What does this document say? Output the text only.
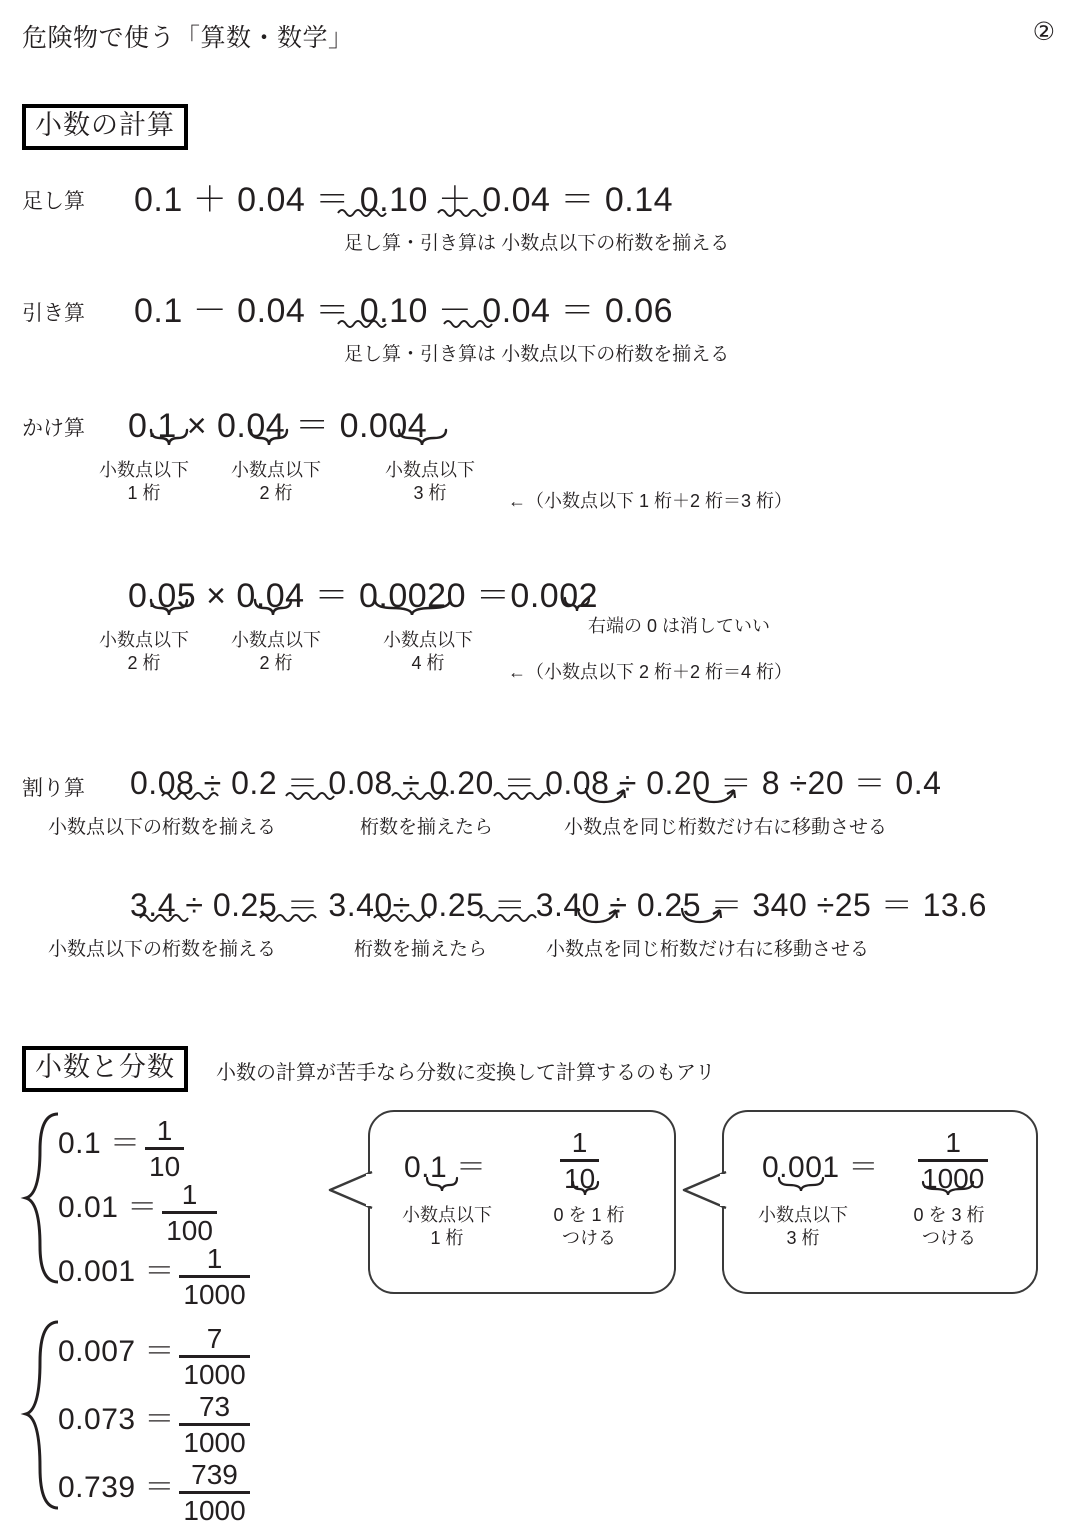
危険物で使う「算数・数学」	②
小数の計算
足し算 0.1 ＋ 0.04 ＝ 0.10 ＋ 0.04 ＝ 0.14
足し算・引き算は 小数点以下の桁数を揃える
引き算 0.1 － 0.04 ＝ 0.10 － 0.04 ＝ 0.06
足し算・引き算は 小数点以下の桁数を揃える
かけ算 0.1 × 0.04 ＝ 0.004
小数点以下
1 桁
小数点以下
2 桁
小数点以下
3 桁	←（小数点以下 1 桁＋2 桁＝3 桁）
0.05 × 0.04 ＝ 0.0020 ＝0.002
右端の 0 は消していい
小数点以下
2 桁
小数点以下
2 桁
小数点以下
4 桁	←（小数点以下 2 桁＋2 桁＝4 桁）
割り算 0.08 ÷ 0.2 ＝ 0.08 ÷ 0.20 ＝ 0.08 ÷ 0.20 ＝ 8 ÷20 ＝ 0.4
小数点以下の桁数を揃える	桁数を揃えたら	小数点を同じ桁数だけ右に移動させる
3.4 ÷ 0.25 ＝ 3.40÷ 0.25 ＝ 3.40 ÷ 0.25 ＝ 340 ÷25 ＝ 13.6
小数点以下の桁数を揃える	桁数を揃えたら	小数点を同じ桁数だけ右に移動させる
小数と分数	小数の計算が苦手なら分数に変換して計算するのもアリ
$0.1 = \frac{1}{10}$
$0.01 = \frac{1}{100}$
$0.001 = \frac{1}{1000}$
0.1 ＝	$\frac{1}{10}$
小数点以下
1 桁
0 を 1 桁
つける
$0.001 = \frac{1}{1000}$
小数点以下
3 桁
0 を 3 桁
つける
$0.007 = \frac{7}{1000}$
$0.073 = \frac{73}{1000}$
$0.739 = \frac{739}{1000}$
